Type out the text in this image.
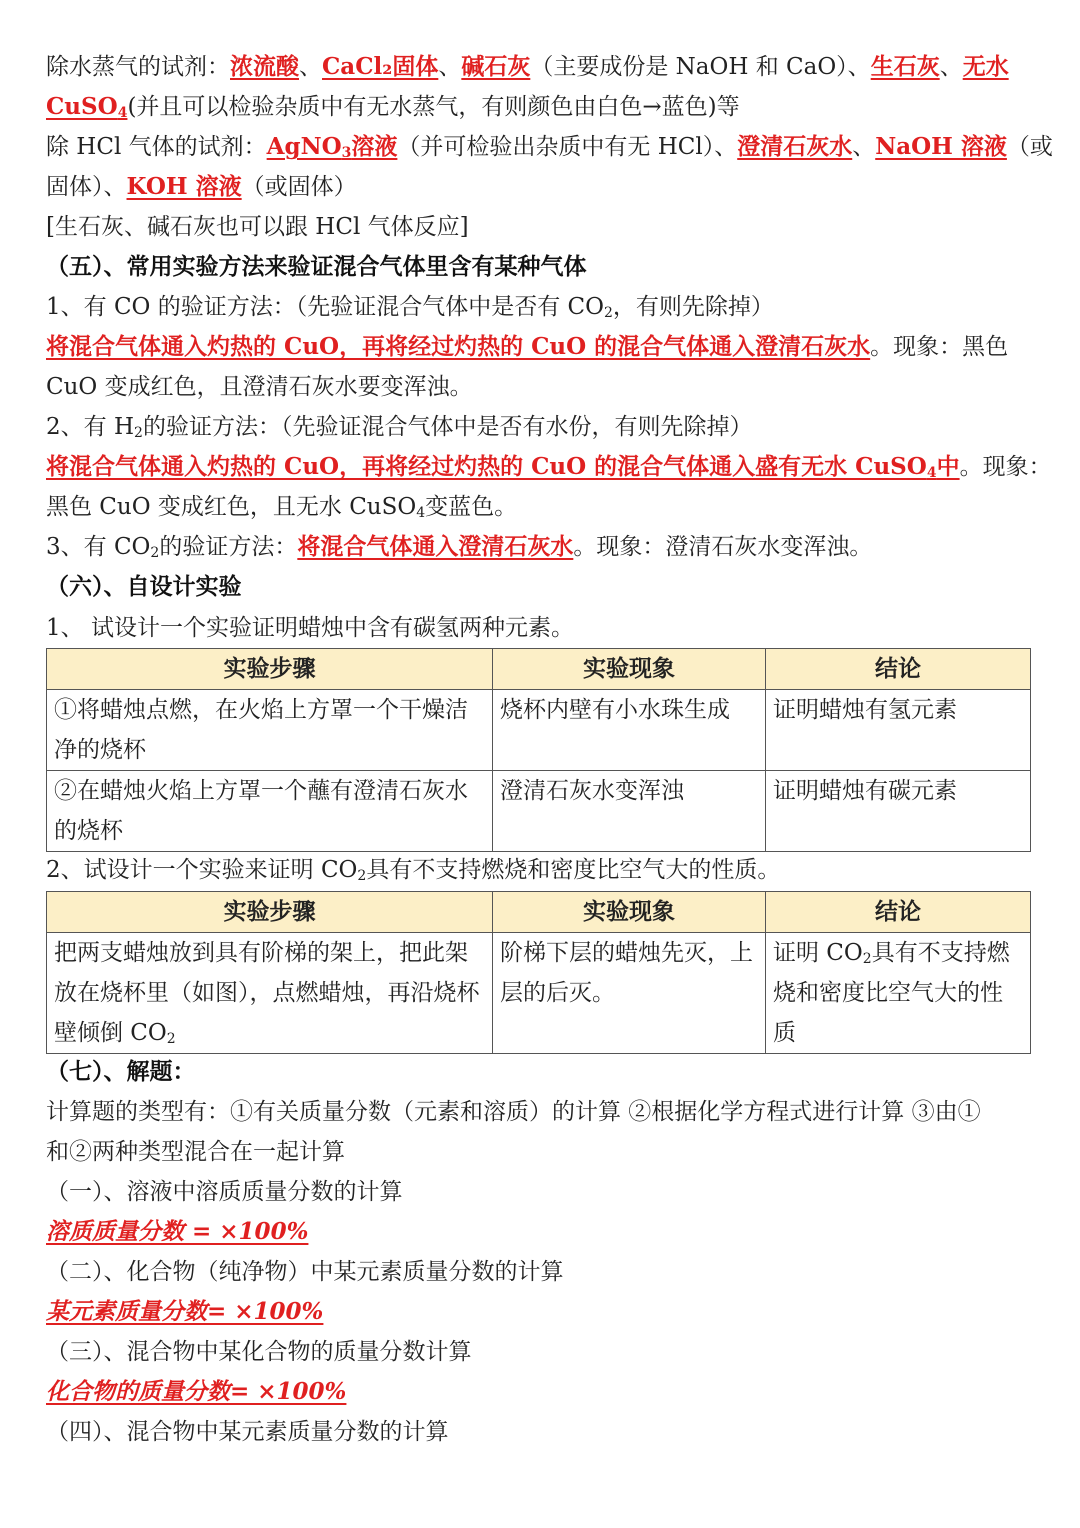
除水蒸气的试剂：浓流酸、CaCl₂固体、碱石灰（主要成份是 NaOH 和 CaO）、生石灰、无水
CuSO$_4$(并且可以检验杂质中有无水蒸气，有则颜色由白色→蓝色)等
除 HCl 气体的试剂：AgNO$_3$溶液（并可检验出杂质中有无 HCl）、澄清石灰水、NaOH 溶液（或
固体）、KOH 溶液（或固体）
[生石灰、碱石灰也可以跟 HCl 气体反应]
（五）、常用实验方法来验证混合气体里含有某种气体
1、有 CO 的验证方法：（先验证混合气体中是否有 $CO_2$，有则先除掉）
将混合气体通入灼热的 CuO，再将经过灼热的 CuO 的混合气体通入澄清石灰水。现象：黑色
CuO 变成红色，且澄清石灰水要变浑浊。
2、有 $H_2$的验证方法：（先验证混合气体中是否有水份，有则先除掉）
将混合气体通入灼热的 CuO，再将经过灼热的 CuO 的混合气体通入盛有无水 CuSO$_4$中。现象：
黑色 CuO 变成红色，且无水 CuSO$_4$变蓝色。
3、有 $CO_2$的验证方法：将混合气体通入澄清石灰水。现象：澄清石灰水变浑浊。
（六）、自设计实验
1、 试设计一个实验证明蜡烛中含有碳氢两种元素。
实验步骤	实验现象	结论
①将蜡烛点燃，在火焰上方罩一个干燥洁净的烧杯	烧杯内壁有小水珠生成	证明蜡烛有氢元素
②在蜡烛火焰上方罩一个蘸有澄清石灰水的烧杯	澄清石灰水变浑浊	证明蜡烛有碳元素
2、试设计一个实验来证明 $CO_2$具有不支持燃烧和密度比空气大的性质。
实验步骤	实验现象	结论
把两支蜡烛放到具有阶梯的架上，把此架放在烧杯里（如图），点燃蜡烛，再沿烧杯壁倾倒 $CO_2$	阶梯下层的蜡烛先灭，上层的后灭。	证明 $CO_2$具有不支持燃烧和密度比空气大的性质
（七）、解题：
计算题的类型有：①有关质量分数（元素和溶质）的计算 ②根据化学方程式进行计算 ③由①
和②两种类型混合在一起计算
（一）、溶液中溶质质量分数的计算
溶质质量分数 = ×100%
（二）、化合物（纯净物）中某元素质量分数的计算
某元素质量分数= ×100%
（三）、混合物中某化合物的质量分数计算
化合物的质量分数= ×100%
（四）、混合物中某元素质量分数的计算
